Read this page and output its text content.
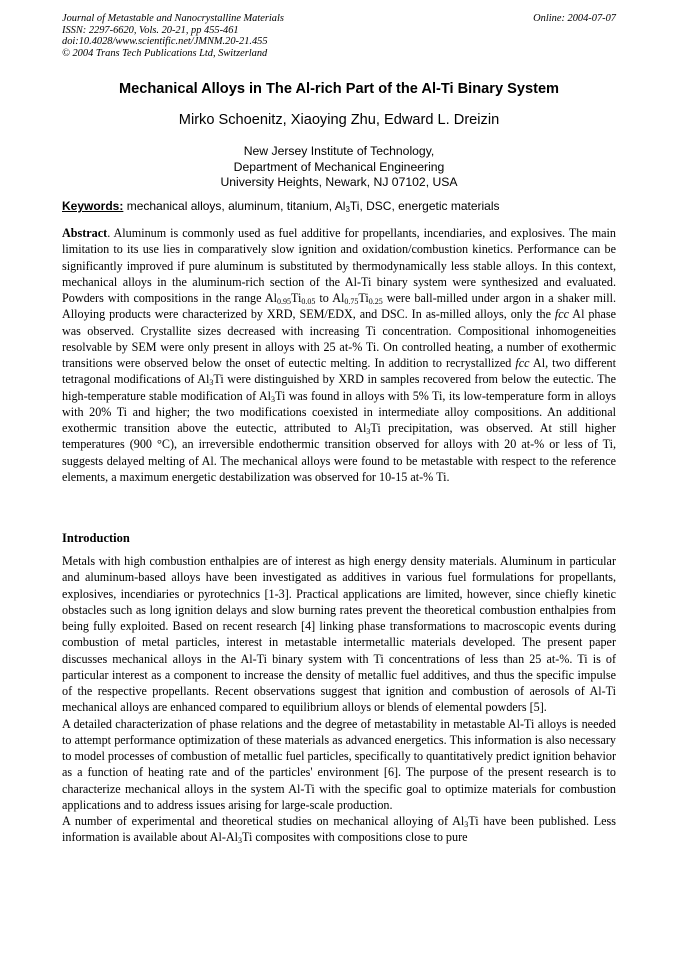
Journal of Metastable and Nanocrystalline Materials
ISSN: 2297-6620, Vols. 20-21, pp 455-461
doi:10.4028/www.scientific.net/JMNM.20-21.455
© 2004 Trans Tech Publications Ltd, Switzerland
Online: 2004-07-07
Mechanical Alloys in The Al-rich Part of the Al-Ti Binary System
Mirko Schoenitz, Xiaoying Zhu, Edward L. Dreizin
New Jersey Institute of Technology,
Department of Mechanical Engineering
University Heights, Newark, NJ 07102, USA
Keywords: mechanical alloys, aluminum, titanium, $Al_3Ti$, DSC, energetic materials
Abstract. Aluminum is commonly used as fuel additive for propellants, incendiaries, and explosives. The main limitation to its use lies in comparatively slow ignition and oxidation/combustion kinetics. Performance can be significantly improved if pure aluminum is substituted by thermodynamically less stable alloys. In this context, mechanical alloys in the aluminum-rich section of the Al-Ti binary system were synthesized and evaluated. Powders with compositions in the range $Al_{0.95}Ti_{0.05}$ to $Al_{0.75}Ti_{0.25}$ were ball-milled under argon in a shaker mill. Alloying products were characterized by XRD, SEM/EDX, and DSC. In as-milled alloys, only the fcc Al phase was observed. Crystallite sizes decreased with increasing Ti concentration. Compositional inhomogeneities resolvable by SEM were only present in alloys with 25 at-% Ti. On controlled heating, a number of exothermic transitions were observed below the onset of eutectic melting. In addition to recrystallized fcc Al, two different tetragonal modifications of $Al_3Ti$ were distinguished by XRD in samples recovered from below the eutectic. The high-temperature stable modification of $Al_3Ti$ was found in alloys with 5% Ti, its low-temperature form in alloys with 20% Ti and higher; the two modifications coexisted in intermediate alloy compositions. An additional exothermic transition above the eutectic, attributed to $Al_3Ti$ precipitation, was observed. At still higher temperatures (900 °C), an irreversible endothermic transition observed for alloys with 20 at-% or less of Ti, suggests delayed melting of Al. The mechanical alloys were found to be metastable with respect to the reference elements, a maximum energetic destabilization was observed for 10-15 at-% Ti.
Introduction

Metals with high combustion enthalpies are of interest as high energy density materials. Aluminum in particular and aluminum-based alloys have been investigated as additives in various fuel formulations for propellants, explosives, incendiaries or pyrotechnics [1-3]. Practical applications are limited, however, since chiefly kinetic obstacles such as long ignition delays and slow burning rates prevent the theoretical combustion enthalpies from being fully exploited. Based on recent research [4] linking phase transformations to macroscopic events during combustion of metal particles, interest in metastable intermetallic materials developed. The present paper discusses mechanical alloys in the Al-Ti binary system with Ti concentrations of less than 25 at-%. Ti is of particular interest as a component to increase the density of metallic fuel additives, and thus the specific impulse of the respective propellants. Recent observations suggest that ignition and combustion of aerosols of Al-Ti mechanical alloys are enhanced compared to equilibrium alloys or blends of elemental powders [5].

A detailed characterization of phase relations and the degree of metastability in metastable Al-Ti alloys is needed to attempt performance optimization of these materials as advanced energetics. This information is also necessary to model processes of combustion of metallic fuel particles, specifically to quantitatively predict ignition behavior as a function of heating rate and of the particles' environment [6]. The purpose of the present research is to characterize mechanical alloys in the system Al-Ti with the specific goal to optimize materials for combustion applications and to address issues arising for large-scale production.

A number of experimental and theoretical studies on mechanical alloying of $Al_3Ti$ have been published. Less information is available about $Al-Al_3Ti$ composites with compositions close to pure
